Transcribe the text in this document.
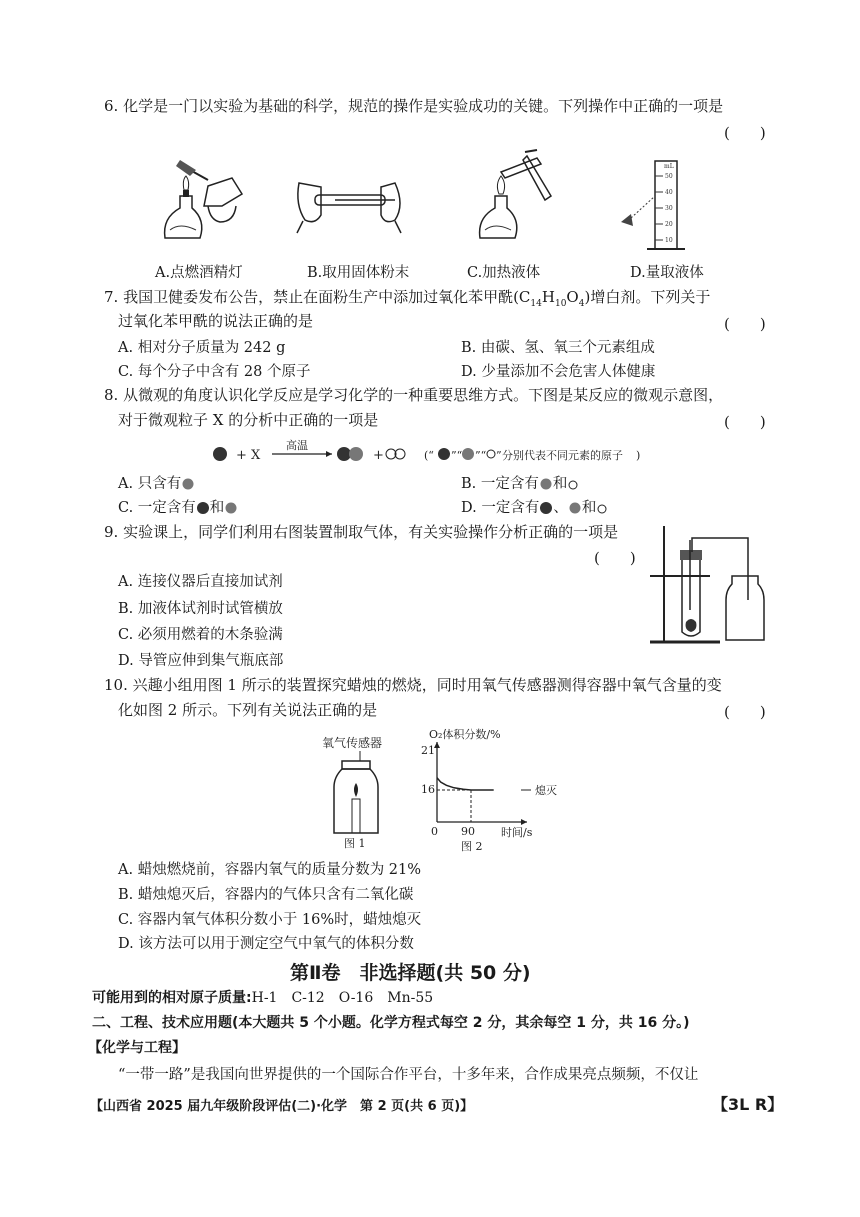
6. 化学是一门以实验为基础的科学，规范的操作是实验成功的关键。下列操作中正确的一项是
(　　)
mL
50
40
30
20
10
A.点燃酒精灯	B.取用固体粉末	C.加热液体	D.量取液体
7. 我国卫健委发布公告，禁止在面粉生产中添加过氧化苯甲酰$(C_{14}H_{10}O_4)$增白剂。下列关于
过氧化苯甲酰的说法正确的是	(　　)
A. 相对分子质量为 242 g	B. 由碳、氢、氧三个元素组成
C. 每个分子中含有 28 个原子	D. 少量添加不会危害人体健康
8. 从微观的角度认识化学反应是学习化学的一种重要思维方式。下图是某反应的微观示意图，
对于微观粒子 X 的分析中正确的一项是	(　　)
+ X
高温
+	(“ ”“ ”“ ” 分别代表不同元素的原子 )
A. 只含有	B. 一定含有 和
C. 一定含有 和	D. 一定含有 、 和
9. 实验课上，同学们利用右图装置制取气体，有关实验操作分析正确的一项是
(　　)
A. 连接仪器后直接加试剂
B. 加液体试剂时试管横放
C. 必须用燃着的木条验满
D. 导管应伸到集气瓶底部
10. 兴趣小组用图 1 所示的装置探究蜡烛的燃烧，同时用氧气传感器测得容器中氧气含量的变
化如图 2 所示。下列有关说法正确的是	(　　)
氧气传感器
图 1
O₂体积分数/%
21
16
0 90 时间/s
熄灭
图 2
A. 蜡烛燃烧前，容器内氧气的质量分数为 21%
B. 蜡烛熄灭后，容器内的气体只含有二氧化碳
C. 容器内氧气体积分数小于 16%时，蜡烛熄灭
D. 该方法可以用于测定空气中氧气的体积分数
第Ⅱ卷　非选择题(共 50 分)
可能用到的相对原子质量:H-1　C-12　O-16　Mn-55
二、工程、技术应用题(本大题共 5 个小题。化学方程式每空 2 分，其余每空 1 分，共 16 分。)
【化学与工程】
“一带一路”是我国向世界提供的一个国际合作平台，十多年来，合作成果亮点频频，不仅让
【山西省 2025 届九年级阶段评估(二)·化学　第 2 页(共 6 页)】	【3L R】
